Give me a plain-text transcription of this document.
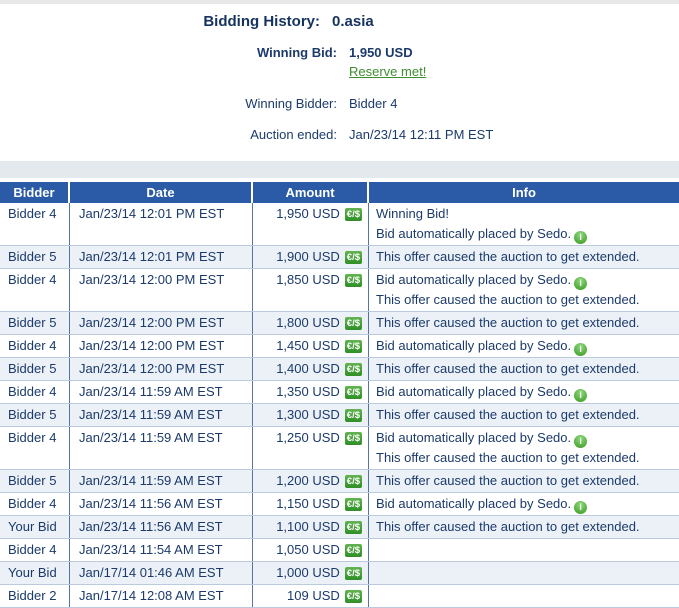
Bidding History: 0.asia
Winning Bid: 1,950 USD
Reserve met!
Winning Bidder: Bidder 4
Auction ended: Jan/23/14 12:11 PM EST
Bidder	Date	Amount	Info
Bidder 4	Jan/23/14 12:01 PM EST	1,950 USD €/$	Winning Bid!
Bid automatically placed by Sedo. i
Bidder 5	Jan/23/14 12:01 PM EST	1,900 USD €/$	This offer caused the auction to get extended.
Bidder 4	Jan/23/14 12:00 PM EST	1,850 USD €/$	Bid automatically placed by Sedo. i
This offer caused the auction to get extended.
Bidder 5	Jan/23/14 12:00 PM EST	1,800 USD €/$	This offer caused the auction to get extended.
Bidder 4	Jan/23/14 12:00 PM EST	1,450 USD €/$	Bid automatically placed by Sedo. i
Bidder 5	Jan/23/14 12:00 PM EST	1,400 USD €/$	This offer caused the auction to get extended.
Bidder 4	Jan/23/14 11:59 AM EST	1,350 USD €/$	Bid automatically placed by Sedo. i
Bidder 5	Jan/23/14 11:59 AM EST	1,300 USD €/$	This offer caused the auction to get extended.
Bidder 4	Jan/23/14 11:59 AM EST	1,250 USD €/$	Bid automatically placed by Sedo. i
This offer caused the auction to get extended.
Bidder 5	Jan/23/14 11:59 AM EST	1,200 USD €/$	This offer caused the auction to get extended.
Bidder 4	Jan/23/14 11:56 AM EST	1,150 USD €/$	Bid automatically placed by Sedo. i
Your Bid	Jan/23/14 11:56 AM EST	1,100 USD €/$	This offer caused the auction to get extended.
Bidder 4	Jan/23/14 11:54 AM EST	1,050 USD €/$
Your Bid	Jan/17/14 01:46 AM EST	1,000 USD €/$
Bidder 2	Jan/17/14 12:08 AM EST	109 USD €/$
